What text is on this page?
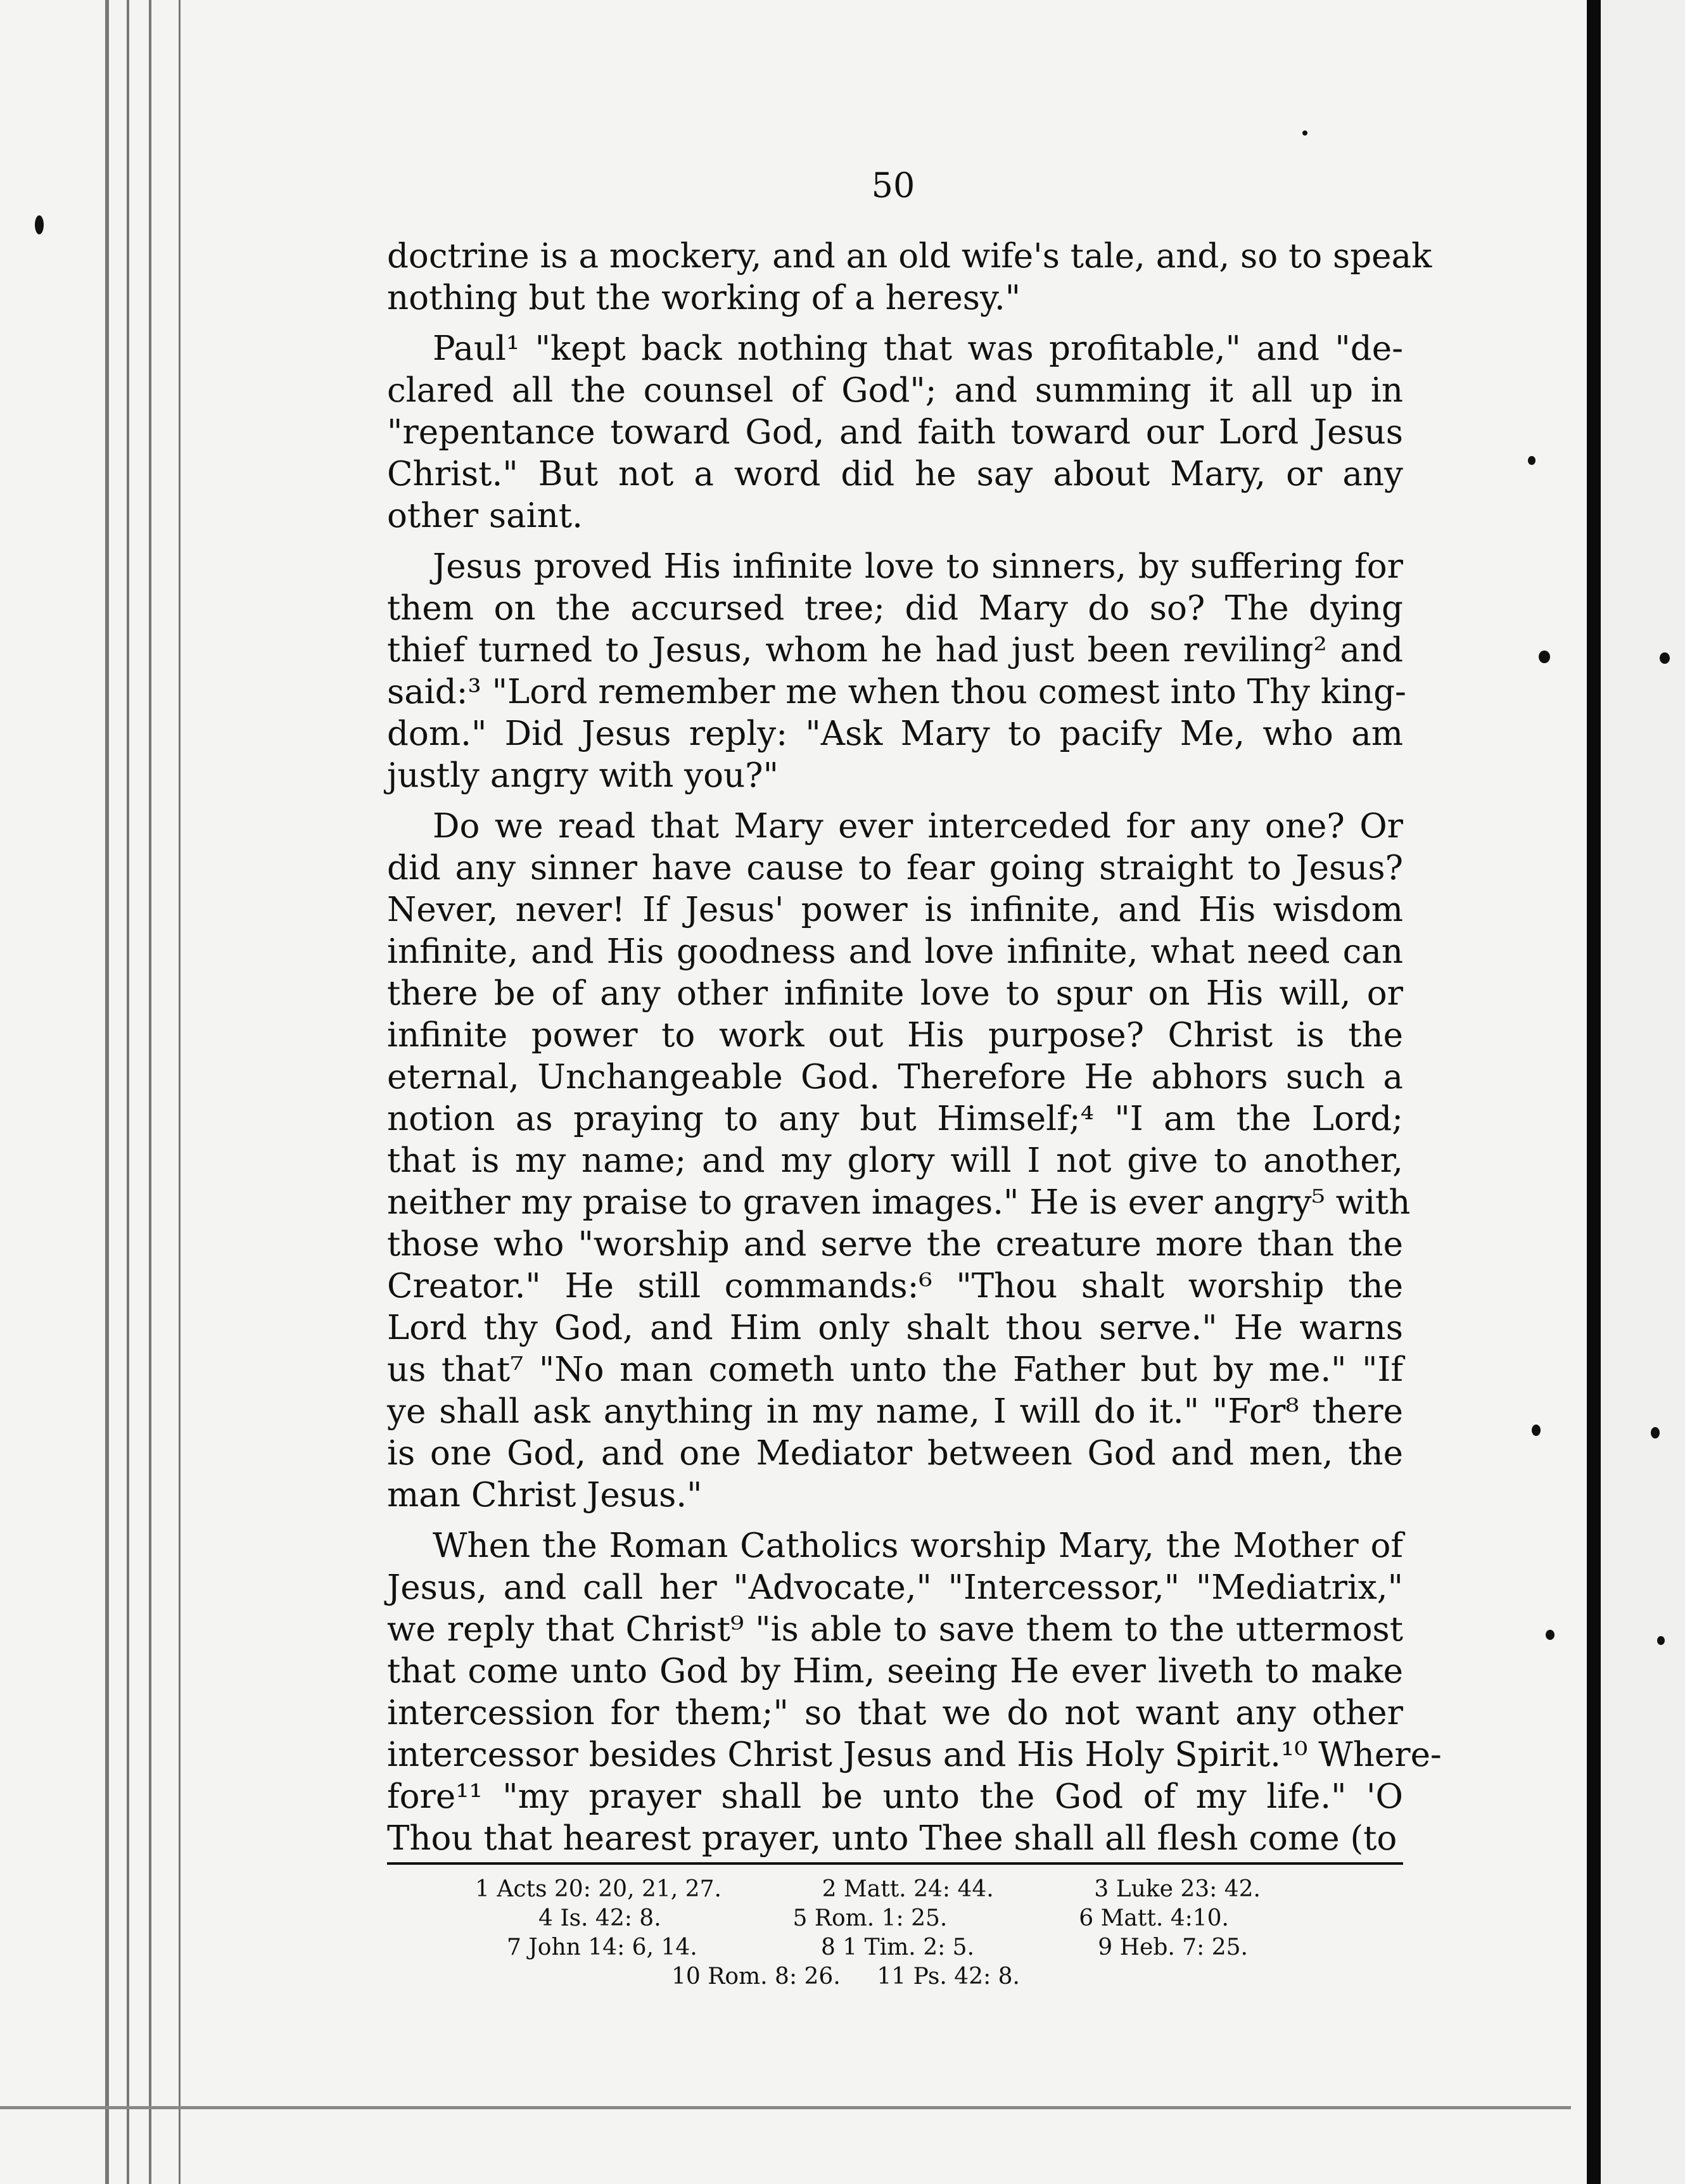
50

doctrine is a mockery, and an old wife's tale, and, so to speak
nothing but the working of a heresy."

Paul¹ "kept back nothing that was profitable," and "de-
clared all the counsel of God"; and summing it all up in
"repentance toward God, and faith toward our Lord Jesus
Christ." But not a word did he say about Mary, or any
other saint.

Jesus proved His infinite love to sinners, by suffering for
them on the accursed tree; did Mary do so? The dying
thief turned to Jesus, whom he had just been reviling² and
said:³ "Lord remember me when thou comest into Thy king-
dom." Did Jesus reply: "Ask Mary to pacify Me, who am
justly angry with you?"

Do we read that Mary ever interceded for any one? Or
did any sinner have cause to fear going straight to Jesus?
Never, never! If Jesus' power is infinite, and His wisdom
infinite, and His goodness and love infinite, what need can
there be of any other infinite love to spur on His will, or
infinite power to work out His purpose? Christ is the
eternal, Unchangeable God. Therefore He abhors such a
notion as praying to any but Himself;⁴ "I am the Lord;
that is my name; and my glory will I not give to another,
neither my praise to graven images." He is ever angry⁵ with
those who "worship and serve the creature more than the
Creator." He still commands:⁶ "Thou shalt worship the
Lord thy God, and Him only shalt thou serve." He warns
us that⁷ "No man cometh unto the Father but by me." "If
ye shall ask anything in my name, I will do it." "For⁸ there
is one God, and one Mediator between God and men, the
man Christ Jesus."

When the Roman Catholics worship Mary, the Mother of
Jesus, and call her "Advocate," "Intercessor," "Mediatrix,"
we reply that Christ⁹ "is able to save them to the uttermost
that come unto God by Him, seeing He ever liveth to make
intercession for them;" so that we do not want any other
intercessor besides Christ Jesus and His Holy Spirit.¹⁰ Where-
fore¹¹ "my prayer shall be unto the God of my life." 'O
Thou that hearest prayer, unto Thee shall all flesh come (to

1 Acts 20: 20, 21, 27.	2 Matt. 24: 44.	3 Luke 23: 42.
4 Is. 42: 8.	5 Rom. 1: 25.	6 Matt. 4:10.
7 John 14: 6, 14.	8 1 Tim. 2: 5.	9 Heb. 7: 25.
10 Rom. 8: 26. 11 Ps. 42: 8.
